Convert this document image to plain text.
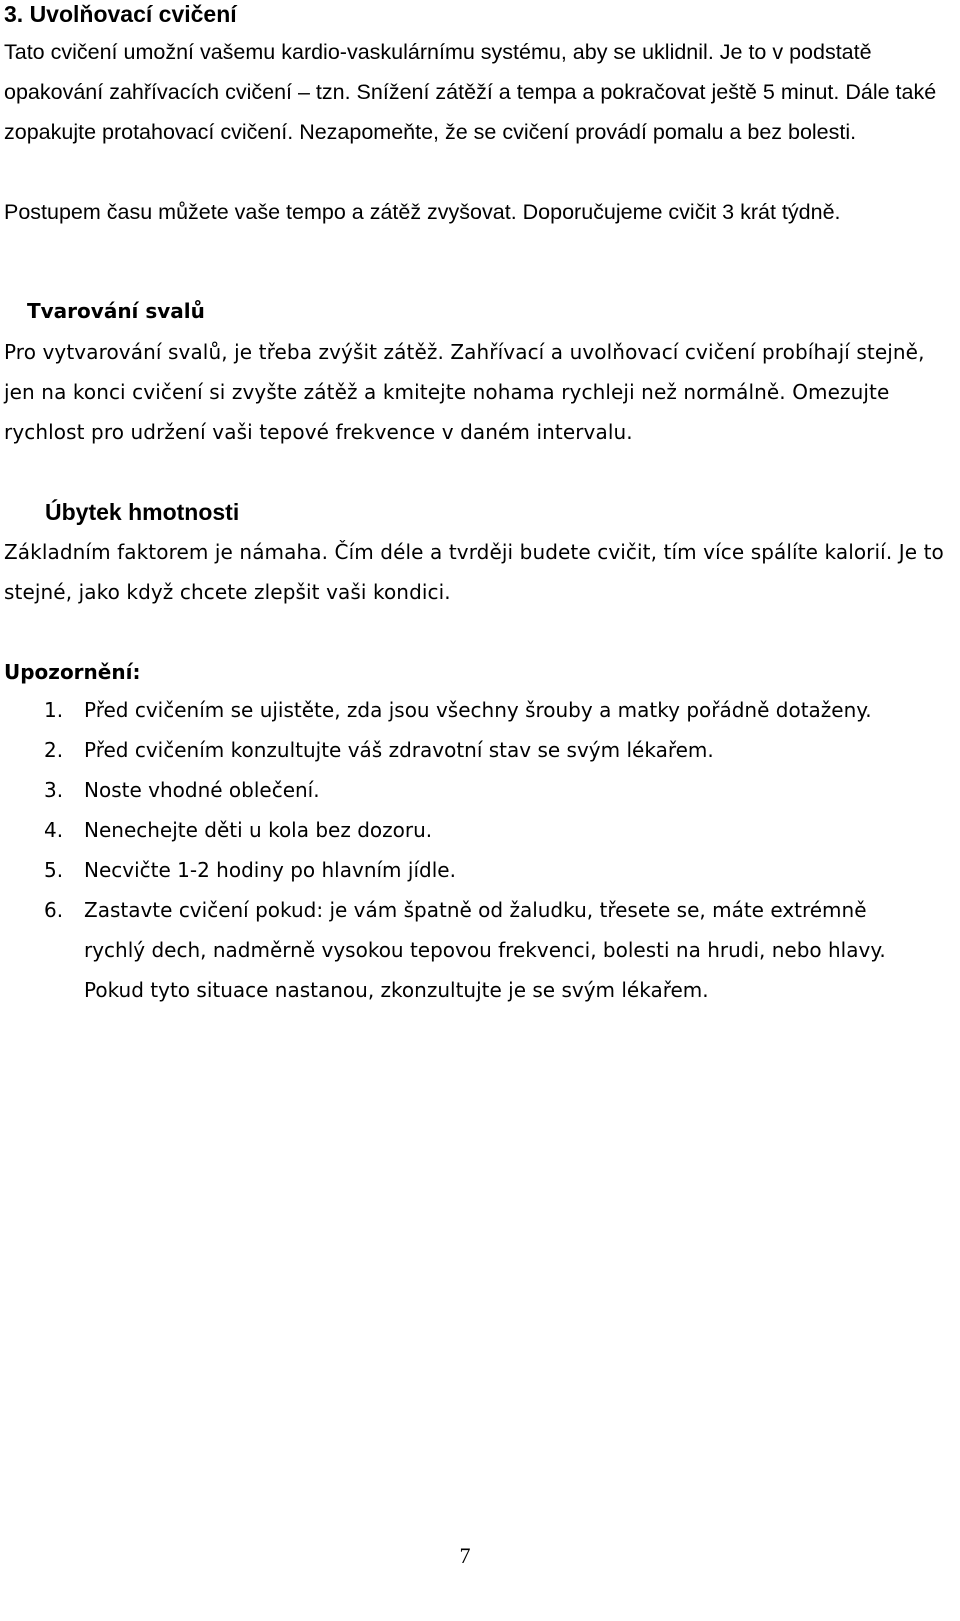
3. Uvolňovací cvičení

Tato cvičení umožní vašemu kardio-vaskulárnímu systému, aby se uklidnil. Je to v podstatě opakování zahřívacích cvičení – tzn. Snížení zátěží a tempa a pokračovat ještě 5 minut. Dále také zopakujte protahovací cvičení. Nezapomeňte, že se cvičení provádí pomalu a bez bolesti.

Postupem času můžete vaše tempo a zátěž zvyšovat. Doporučujeme cvičit 3 krát týdně.

Tvarování svalů

Pro vytvarování svalů, je třeba zvýšit zátěž. Zahřívací a uvolňovací cvičení probíhají stejně, jen na konci cvičení si zvyšte zátěž a kmitejte nohama rychleji než normálně. Omezujte rychlost pro udržení vaši tepové frekvence v daném intervalu.

Úbytek hmotnosti

Základním faktorem je námaha. Čím déle a tvrději budete cvičit, tím více spálíte kalorií. Je to stejné, jako když chcete zlepšit vaši kondici.

Upozornění:
1. Před cvičením se ujistěte, zda jsou všechny šrouby a matky pořádně dotaženy.
2. Před cvičením konzultujte váš zdravotní stav se svým lékařem.
3. Noste vhodné oblečení.
4. Nenechejte děti u kola bez dozoru.
5. Necvičte 1-2 hodiny po hlavním jídle.
6. Zastavte cvičení pokud: je vám špatně od žaludku, třesete se, máte extrémně rychlý dech, nadměrně vysokou tepovou frekvenci, bolesti na hrudi, nebo hlavy. Pokud tyto situace nastanou, zkonzultujte je se svým lékařem.
7
